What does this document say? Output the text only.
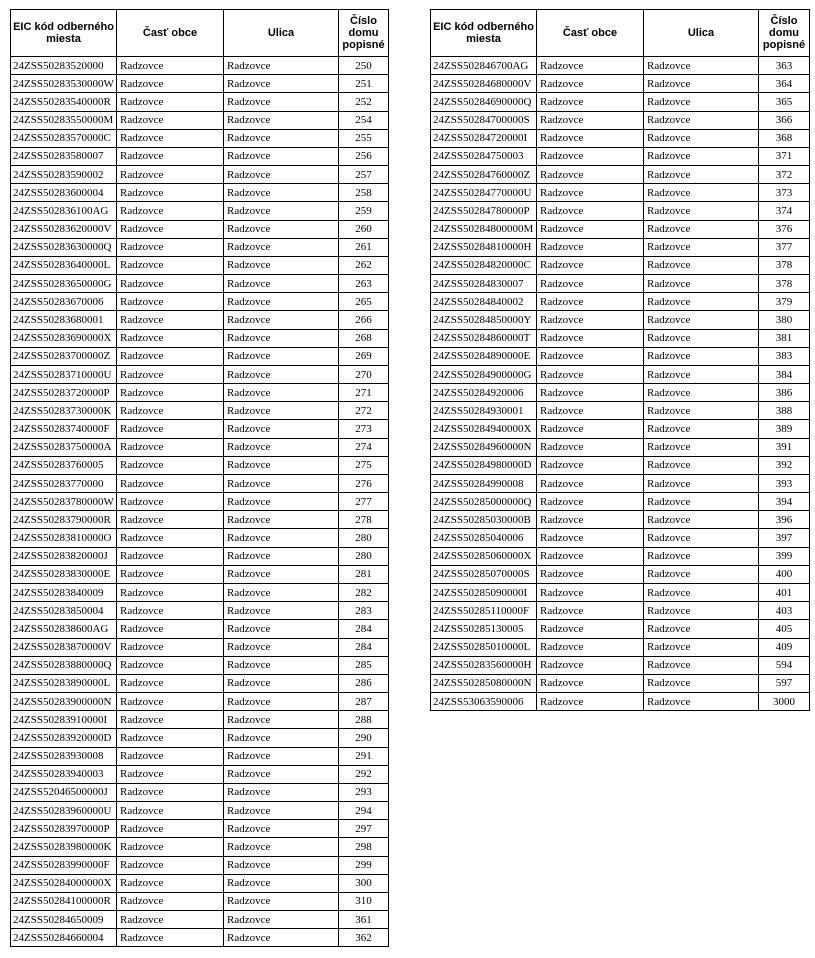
EIC kód odberného miesta	Časť obce	Ulica	Číslo domu popisné
24ZSS50283520000	Radzovce	Radzovce	250
24ZSS50283530000W	Radzovce	Radzovce	251
24ZSS50283540000R	Radzovce	Radzovce	252
24ZSS50283550000M	Radzovce	Radzovce	254
24ZSS50283570000C	Radzovce	Radzovce	255
24ZSS50283580007	Radzovce	Radzovce	256
24ZSS50283590002	Radzovce	Radzovce	257
24ZSS50283600004	Radzovce	Radzovce	258
24ZSS502836100AG	Radzovce	Radzovce	259
24ZSS50283620000V	Radzovce	Radzovce	260
24ZSS50283630000Q	Radzovce	Radzovce	261
24ZSS50283640000L	Radzovce	Radzovce	262
24ZSS50283650000G	Radzovce	Radzovce	263
24ZSS50283670006	Radzovce	Radzovce	265
24ZSS50283680001	Radzovce	Radzovce	266
24ZSS50283690000X	Radzovce	Radzovce	268
24ZSS50283700000Z	Radzovce	Radzovce	269
24ZSS50283710000U	Radzovce	Radzovce	270
24ZSS50283720000P	Radzovce	Radzovce	271
24ZSS50283730000K	Radzovce	Radzovce	272
24ZSS50283740000F	Radzovce	Radzovce	273
24ZSS50283750000A	Radzovce	Radzovce	274
24ZSS50283760005	Radzovce	Radzovce	275
24ZSS50283770000	Radzovce	Radzovce	276
24ZSS50283780000W	Radzovce	Radzovce	277
24ZSS50283790000R	Radzovce	Radzovce	278
24ZSS50283810000O	Radzovce	Radzovce	280
24ZSS50283820000J	Radzovce	Radzovce	280
24ZSS50283830000E	Radzovce	Radzovce	281
24ZSS50283840009	Radzovce	Radzovce	282
24ZSS50283850004	Radzovce	Radzovce	283
24ZSS502838600AG	Radzovce	Radzovce	284
24ZSS50283870000V	Radzovce	Radzovce	284
24ZSS50283880000Q	Radzovce	Radzovce	285
24ZSS50283890000L	Radzovce	Radzovce	286
24ZSS50283900000N	Radzovce	Radzovce	287
24ZSS50283910000I	Radzovce	Radzovce	288
24ZSS50283920000D	Radzovce	Radzovce	290
24ZSS50283930008	Radzovce	Radzovce	291
24ZSS50283940003	Radzovce	Radzovce	292
24ZSS52046500000J	Radzovce	Radzovce	293
24ZSS50283960000U	Radzovce	Radzovce	294
24ZSS50283970000P	Radzovce	Radzovce	297
24ZSS50283980000K	Radzovce	Radzovce	298
24ZSS50283990000F	Radzovce	Radzovce	299
24ZSS50284000000X	Radzovce	Radzovce	300
24ZSS50284100000R	Radzovce	Radzovce	310
24ZSS50284650009	Radzovce	Radzovce	361
24ZSS50284660004	Radzovce	Radzovce	362
EIC kód odberného miesta	Časť obce	Ulica	Číslo domu popisné
24ZSS502846700AG	Radzovce	Radzovce	363
24ZSS50284680000V	Radzovce	Radzovce	364
24ZSS50284690000Q	Radzovce	Radzovce	365
24ZSS50284700000S	Radzovce	Radzovce	366
24ZSS50284720000I	Radzovce	Radzovce	368
24ZSS50284750003	Radzovce	Radzovce	371
24ZSS50284760000Z	Radzovce	Radzovce	372
24ZSS50284770000U	Radzovce	Radzovce	373
24ZSS50284780000P	Radzovce	Radzovce	374
24ZSS50284800000M	Radzovce	Radzovce	376
24ZSS50284810000H	Radzovce	Radzovce	377
24ZSS50284820000C	Radzovce	Radzovce	378
24ZSS50284830007	Radzovce	Radzovce	378
24ZSS50284840002	Radzovce	Radzovce	379
24ZSS50284850000Y	Radzovce	Radzovce	380
24ZSS50284860000T	Radzovce	Radzovce	381
24ZSS50284890000E	Radzovce	Radzovce	383
24ZSS50284900000G	Radzovce	Radzovce	384
24ZSS50284920006	Radzovce	Radzovce	386
24ZSS50284930001	Radzovce	Radzovce	388
24ZSS50284940000X	Radzovce	Radzovce	389
24ZSS50284960000N	Radzovce	Radzovce	391
24ZSS50284980000D	Radzovce	Radzovce	392
24ZSS50284990008	Radzovce	Radzovce	393
24ZSS50285000000Q	Radzovce	Radzovce	394
24ZSS50285030000B	Radzovce	Radzovce	396
24ZSS50285040006	Radzovce	Radzovce	397
24ZSS50285060000X	Radzovce	Radzovce	399
24ZSS50285070000S	Radzovce	Radzovce	400
24ZSS50285090000I	Radzovce	Radzovce	401
24ZSS50285110000F	Radzovce	Radzovce	403
24ZSS50285130005	Radzovce	Radzovce	405
24ZSS50285010000L	Radzovce	Radzovce	409
24ZSS50283560000H	Radzovce	Radzovce	594
24ZSS50285080000N	Radzovce	Radzovce	597
24ZSS53063590006	Radzovce	Radzovce	3000
